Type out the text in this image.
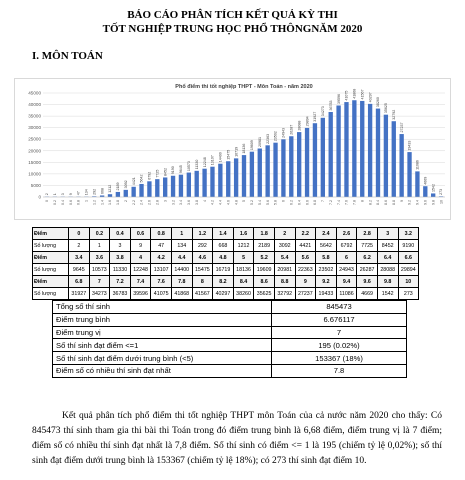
BÁO CÁO PHÂN TÍCH KẾT QUẢ KỲ THI
TỐT NGHIỆP TRUNG HỌC PHỔ THÔNGNĂM 2020
I. MÔN TOÁN
Phổ điểm thi tốt nghiệp THPT - Môn Toán - năm 2020
0
5000
10000
15000
20000
25000
30000
35000
40000
45000
2
0
1
0.2
3
0.4
9
0.6
47
0.8
134
1
292
1.2
668
1.4
1212
1.6
2189
1.8
3092
2
4421
2.2
5642
2.4
6792
2.6
7725
2.8
8452
3
9190
3.2
9645
3.4
10573
3.6
11330
3.8
12248
4
13107
4.2
14400
4.4
15475
4.6
16719
4.8
18136
5
19609
5.2
20981
5.4
22363
5.6
23502
5.8
24943
6
26287
6.2
28088
6.4
29894
6.6
31927
6.8
34273
7
36783
7.2
39596
7.4
41075
7.6
41868
7.8
41567
8
40297
8.2
38260
8.4
35625
8.6
32792
8.8
27237
9
19433
9.2
11086
9.4
4669
9.6
1542
9.8
273
10
Điểm	0	0.2	0.4	0.6	0.8	1	1.2	1.4	1.6	1.8	2	2.2	2.4	2.6	2.8	3	3.2
Số lượng	2	1	3	9	47	134	292	668	1212	2189	3092	4421	5642	6792	7725	8452	9190
Điểm	3.4	3.6	3.8	4	4.2	4.4	4.6	4.8	5	5.2	5.4	5.6	5.8	6	6.2	6.4	6.6
Số lượng	9645	10573	11330	12248	13107	14400	15475	16719	18136	19609	20981	22363	23502	24943	26287	28088	29894
Điểm	6.8	7	7.2	7.4	7.6	7.8	8	8.2	8.4	8.6	8.8	9	9.2	9.4	9.6	9.8	10
Số lượng	31927	34273	36783	39596	41075	41868	41567	40297	38260	35625	32792	27237	19433	11086	4669	1542	273
Tổng số thí sinh	845473
Điểm trung bình	6.676117
Điểm trung vị	7
Số thí sinh đạt điểm <=1	195 (0.02%)
Số thí sinh đạt điểm dưới trung bình (<5)	153367 (18%)
Điểm số có nhiều thí sinh đạt nhất	7.8

Kết quả phân tích phổ điểm thi tốt nghiệp THPT môn Toán của cả nước năm 2020 cho thấy: Có 845473 thí sinh tham gia thi bài thi Toán trong đó điểm trung bình là 6,68 điểm, điểm trung vị là 7 điểm; điểm số có nhiều thí sinh đạt nhất là 7,8 điểm. Số thí sinh có điểm <= 1 là 195 (chiếm tỷ lệ 0,02%); số thí sinh đạt điểm dưới trung bình là 153367 (chiếm tỷ lệ 18%); có 273 thí sinh đạt điểm 10.
